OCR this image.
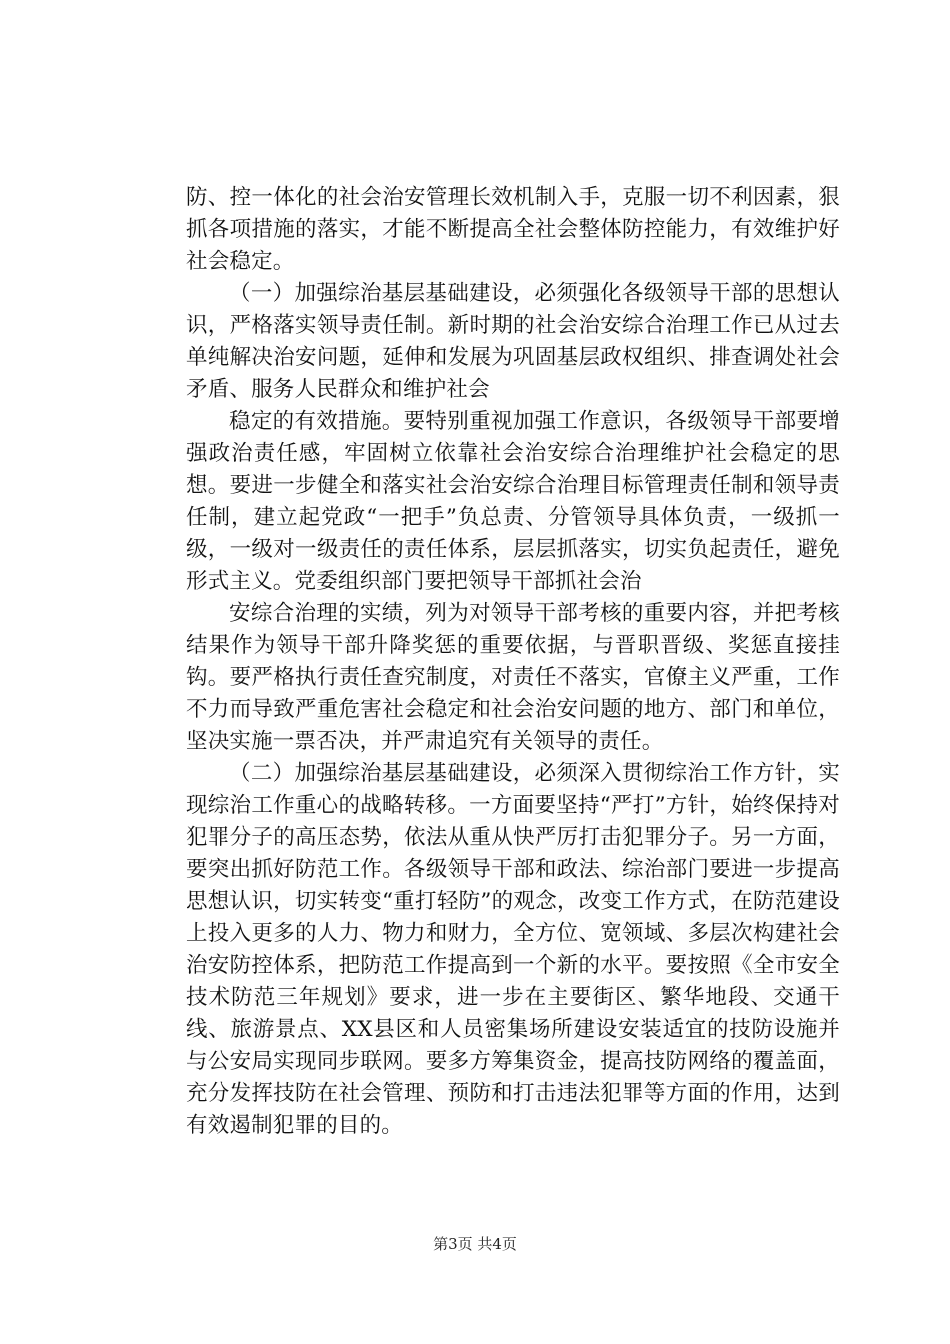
防、控一体化的社会治安管理长效机制入手，克服一切不利因素，狠抓各项措施的落实，才能不断提高全社会整体防控能力，有效维护好社会稳定。

（一）加强综治基层基础建设，必须强化各级领导干部的思想认识，严格落实领导责任制。新时期的社会治安综合治理工作已从过去单纯解决治安问题，延伸和发展为巩固基层政权组织、排查调处社会矛盾、服务人民群众和维护社会

稳定的有效措施。要特别重视加强工作意识，各级领导干部要增强政治责任感，牢固树立依靠社会治安综合治理维护社会稳定的思想。要进一步健全和落实社会治安综合治理目标管理责任制和领导责任制，建立起党政“一把手”负总责、分管领导具体负责，一级抓一级，一级对一级责任的责任体系，层层抓落实，切实负起责任，避免形式主义。党委组织部门要把领导干部抓社会治

安综合治理的实绩，列为对领导干部考核的重要内容，并把考核结果作为领导干部升降奖惩的重要依据，与晋职晋级、奖惩直接挂钩。要严格执行责任查究制度，对责任不落实，官僚主义严重，工作不力而导致严重危害社会稳定和社会治安问题的地方、部门和单位，坚决实施一票否决，并严肃追究有关领导的责任。

（二）加强综治基层基础建设，必须深入贯彻综治工作方针，实现综治工作重心的战略转移。一方面要坚持“严打”方针，始终保持对犯罪分子的高压态势，依法从重从快严厉打击犯罪分子。另一方面，要突出抓好防范工作。各级领导干部和政法、综治部门要进一步提高思想认识，切实转变“重打轻防”的观念，改变工作方式，在防范建设上投入更多的人力、物力和财力，全方位、宽领域、多层次构建社会治安防控体系，把防范工作提高到一个新的水平。要按照《全市安全技术防范三年规划》要求，进一步在主要街区、繁华地段、交通干线、旅游景点、XX县区和人员密集场所建设安装适宜的技防设施并与公安局实现同步联网。要多方筹集资金，提高技防网络的覆盖面，充分发挥技防在社会管理、预防和打击违法犯罪等方面的作用，达到有效遏制犯罪的目的。

第3页 共4页
